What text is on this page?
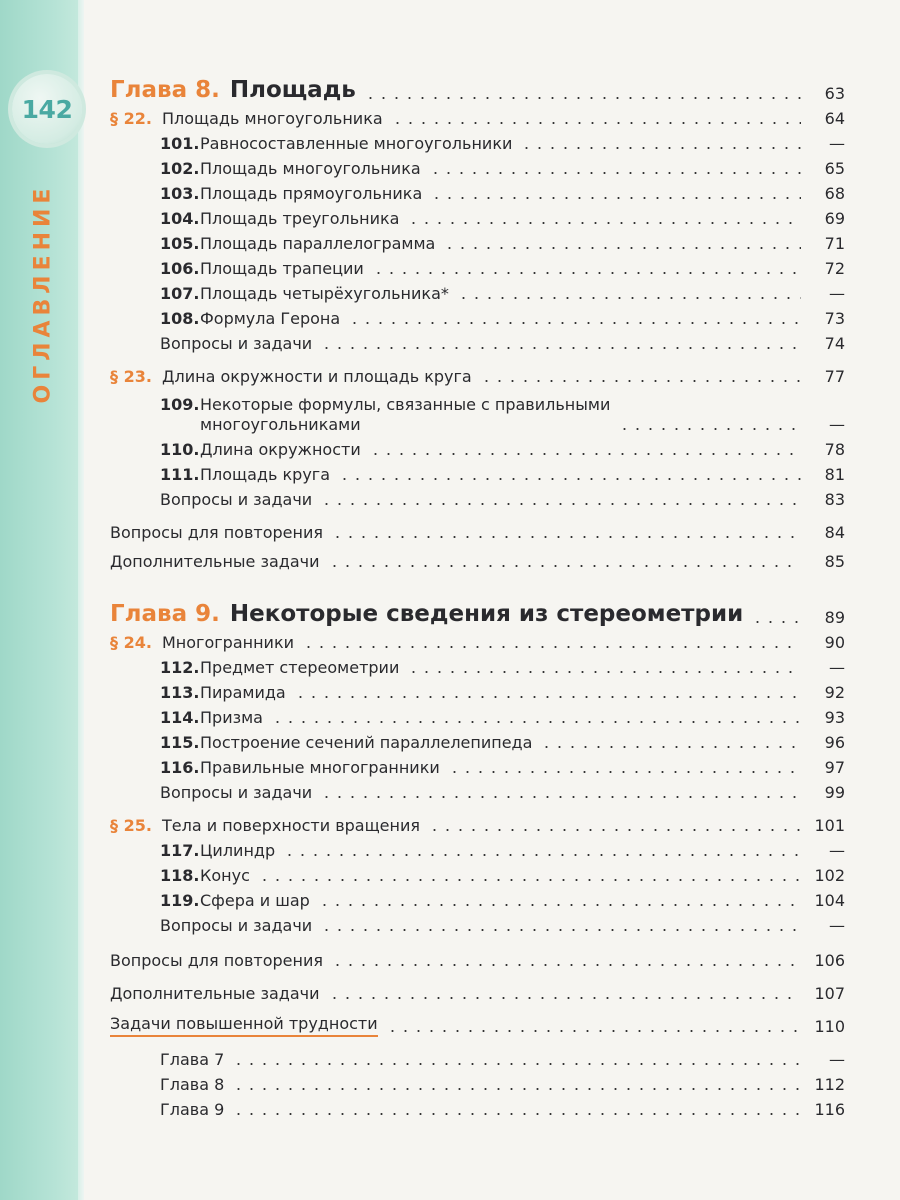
142
ОГЛАВЛЕНИЕ
Глава 8. Площадь	63
§ 22. Площадь многоугольника	64
101. Равносоставленные многоугольники	—
102. Площадь многоугольника	65
103. Площадь прямоугольника	68
104. Площадь треугольника	69
105. Площадь параллелограмма	71
106. Площадь трапеции	72
107. Площадь четырёхугольника*	—
108. Формула Герона	73
Вопросы и задачи	74
§ 23. Длина окружности и площадь круга	77
109. Некоторые формулы, связанные с правильными
многоугольниками	—
110. Длина окружности	78
111. Площадь круга	81
Вопросы и задачи	83
Вопросы для повторения	84
Дополнительные задачи	85
Глава 9. Некоторые сведения из стереометрии	89
§ 24. Многогранники	90
112. Предмет стереометрии	—
113. Пирамида	92
114. Призма	93
115. Построение сечений параллелепипеда	96
116. Правильные многогранники	97
Вопросы и задачи	99
§ 25. Тела и поверхности вращения	101
117. Цилиндр	—
118. Конус	102
119. Сфера и шар	104
Вопросы и задачи	—
Вопросы для повторения	106
Дополнительные задачи	107
Задачи повышенной трудности	110
Глава 7	—
Глава 8	112
Глава 9	116
